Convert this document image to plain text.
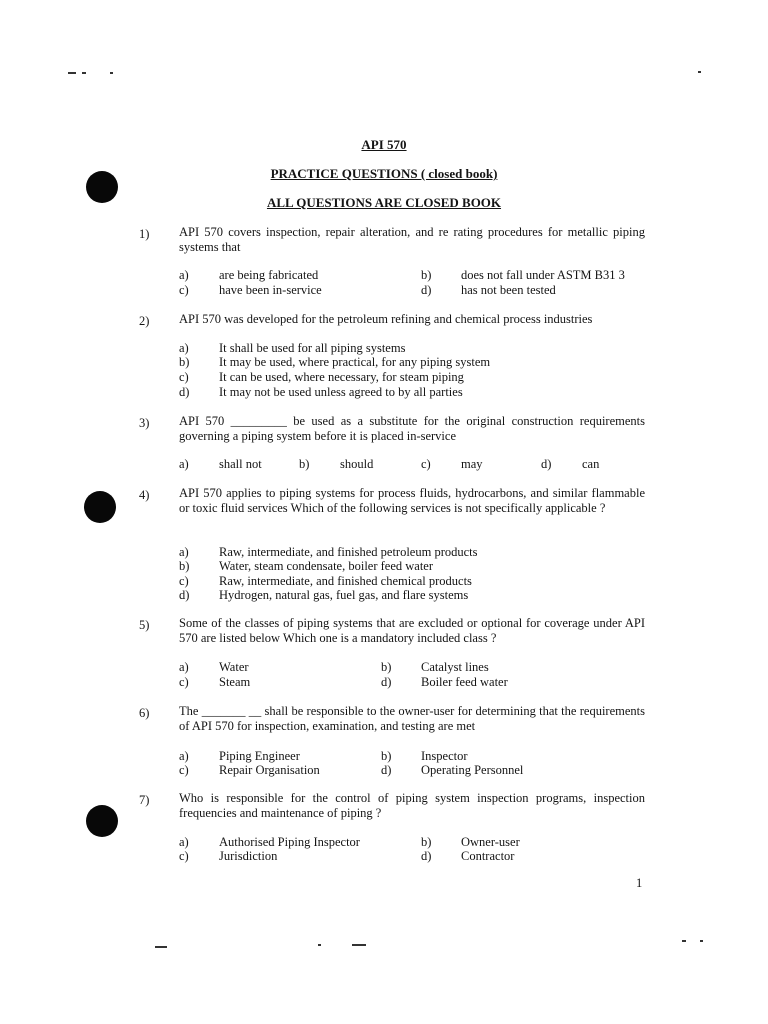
API 570
PRACTICE QUESTIONS ( closed book)
ALL QUESTIONS ARE CLOSED BOOK
1) API 570 covers inspection, repair alteration, and re rating procedures for metallic piping systems that
a) are being fabricated	b) does not fall under ASTM B31 3
c) have been in-service	d) has not been tested
2) API 570 was developed for the petroleum refining and chemical process industries
a) It shall be used for all piping systems
b) It may be used, where practical, for any piping system
c) It can be used, where necessary, for steam piping
d) It may not be used unless agreed to by all parties
3) API 570 _________ be used as a substitute for the original construction requirements governing a piping system before it is placed in-service
a) shall not	b) should	c) may	d) can
4) API 570 applies to piping systems for process fluids, hydrocarbons, and similar flammable or toxic fluid services Which of the following services is not specifically applicable ?
a) Raw, intermediate, and finished petroleum products
b) Water, steam condensate, boiler feed water
c) Raw, intermediate, and finished chemical products
d) Hydrogen, natural gas, fuel gas, and flare systems
5) Some of the classes of piping systems that are excluded or optional for coverage under API 570 are listed below Which one is a mandatory included class ?
a) Water	b) Catalyst lines
c) Steam	d) Boiler feed water
6) The _______ __ shall be responsible to the owner-user for determining that the requirements of API 570 for inspection, examination, and testing are met
a) Piping Engineer	b) Inspector
c) Repair Organisation	d) Operating Personnel
7) Who is responsible for the control of piping system inspection programs, inspection frequencies and maintenance of piping ?
a) Authorised Piping Inspector	b) Owner-user
c) Jurisdiction	d) Contractor
1
